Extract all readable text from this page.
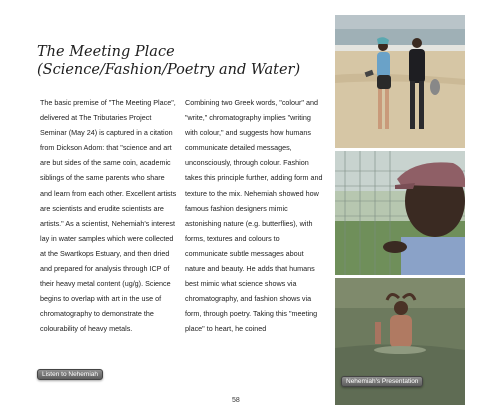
The Meeting Place (Science/Fashion/Poetry and Water)

The basic premise of "The Meeting Place", delivered at The Tributaries Project Seminar (May 24) is captured in a citation from Dickson Adom: that "science and art are but sides of the same coin, academic siblings of the same parents who share and learn from each other. Excellent artists are scientists and erudite scientists are artists." As a scientist, Nehemiah's interest lay in water samples which were collected at the Swartkops Estuary, and then dried and prepared for analysis through ICP of their heavy metal content (ug/g). Science begins to overlap with art in the use of chromatography to demonstrate the colourability of heavy metals.

Combining two Greek words, "colour" and "write," chromatography implies "writing with colour," and suggests how humans communicate detailed messages, unconsciously, through colour. Fashion takes this principle further, adding form and texture to the mix. Nehemiah showed how famous fashion designers mimic astonishing nature (e.g. butterflies), with forms, textures and colours to communicate subtle messages about nature and beauty. He adds that humans best mimic what science shows via chromatography, and fashion shows via form, through poetry. Taking this "meeting place" to heart, he coined

Listen to Nehemiah
Nehemiah's Presentation
58
